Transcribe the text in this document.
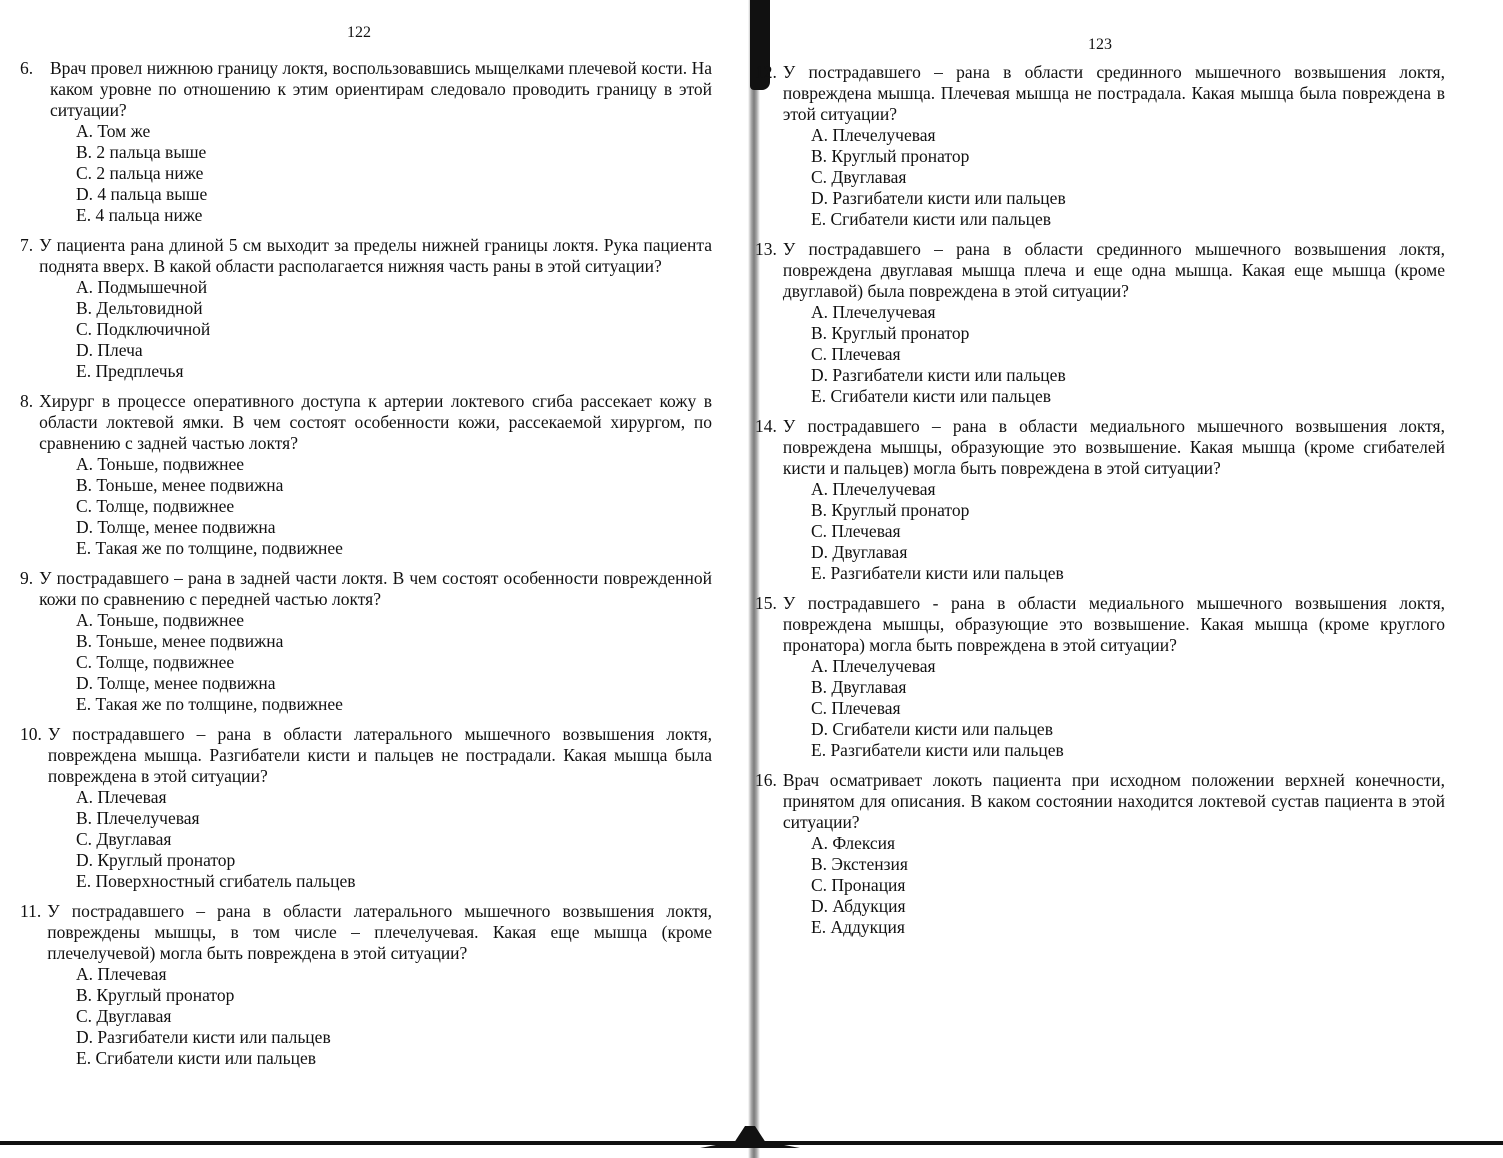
122
6. Врач провел нижнюю границу локтя, воспользовавшись мыщелками плечевой кости. На каком уровне по отношению к этим ориентирам следовало проводить границу в этой ситуации?
A. Том же
B. 2 пальца выше
C. 2 пальца ниже
D. 4 пальца выше
E. 4 пальца ниже
7. У пациента рана длиной 5 см выходит за пределы нижней границы локтя. Рука пациента поднята вверх. В какой области располагается нижняя часть раны в этой ситуации?
A. Подмышечной
B. Дельтовидной
C. Подключичной
D. Плеча
E. Предплечья
8. Хирург в процессе оперативного доступа к артерии локтевого сгиба рассекает кожу в области локтевой ямки. В чем состоят особенности кожи, рассекаемой хирургом, по сравнению с задней частью локтя?
A. Тоньше, подвижнее
B. Тоньше, менее подвижна
C. Толще, подвижнее
D. Толще, менее подвижна
E. Такая же по толщине, подвижнее
9. У пострадавшего – рана в задней части локтя. В чем состоят особенности поврежденной кожи по сравнению с передней частью локтя?
A. Тоньше, подвижнее
B. Тоньше, менее подвижна
C. Толще, подвижнее
D. Толще, менее подвижна
E. Такая же по толщине, подвижнее
10. У пострадавшего – рана в области латерального мышечного возвышения локтя, повреждена мышца. Разгибатели кисти и пальцев не пострадали. Какая мышца была повреждена в этой ситуации?
A. Плечевая
B. Плечелучевая
C. Двуглавая
D. Круглый пронатор
E. Поверхностный сгибатель пальцев
11. У пострадавшего – рана в области латерального мышечного возвышения локтя, повреждены мышцы, в том числе – плечелучевая. Какая еще мышца (кроме плечелучевой) могла быть повреждена в этой ситуации?
A. Плечевая
B. Круглый пронатор
C. Двуглавая
D. Разгибатели кисти или пальцев
E. Сгибатели кисти или пальцев
123
12. У пострадавшего – рана в области срединного мышечного возвышения локтя, повреждена мышца. Плечевая мышца не пострадала. Какая мышца была повреждена в этой ситуации?
A. Плечелучевая
B. Круглый пронатор
C. Двуглавая
D. Разгибатели кисти или пальцев
E. Сгибатели кисти или пальцев
13. У пострадавшего – рана в области срединного мышечного возвышения локтя, повреждена двуглавая мышца плеча и еще одна мышца. Какая еще мышца (кроме двуглавой) была повреждена в этой ситуации?
A. Плечелучевая
B. Круглый пронатор
C. Плечевая
D. Разгибатели кисти или пальцев
E. Сгибатели кисти или пальцев
14. У пострадавшего – рана в области медиального мышечного возвышения локтя, повреждена мышцы, образующие это возвышение. Какая мышца (кроме сгибателей кисти и пальцев) могла быть повреждена в этой ситуации?
A. Плечелучевая
B. Круглый пронатор
C. Плечевая
D. Двуглавая
E. Разгибатели кисти или пальцев
15. У пострадавшего - рана в области медиального мышечного возвышения локтя, повреждена мышцы, образующие это возвышение. Какая мышца (кроме круглого пронатора) могла быть повреждена в этой ситуации?
A. Плечелучевая
B. Двуглавая
C. Плечевая
D. Сгибатели кисти или пальцев
E. Разгибатели кисти или пальцев
16. Врач осматривает локоть пациента при исходном положении верхней конечности, принятом для описания. В каком состоянии находится локтевой сустав пациента в этой ситуации?
A. Флексия
B. Экстензия
C. Пронация
D. Абдукция
E. Аддукция
